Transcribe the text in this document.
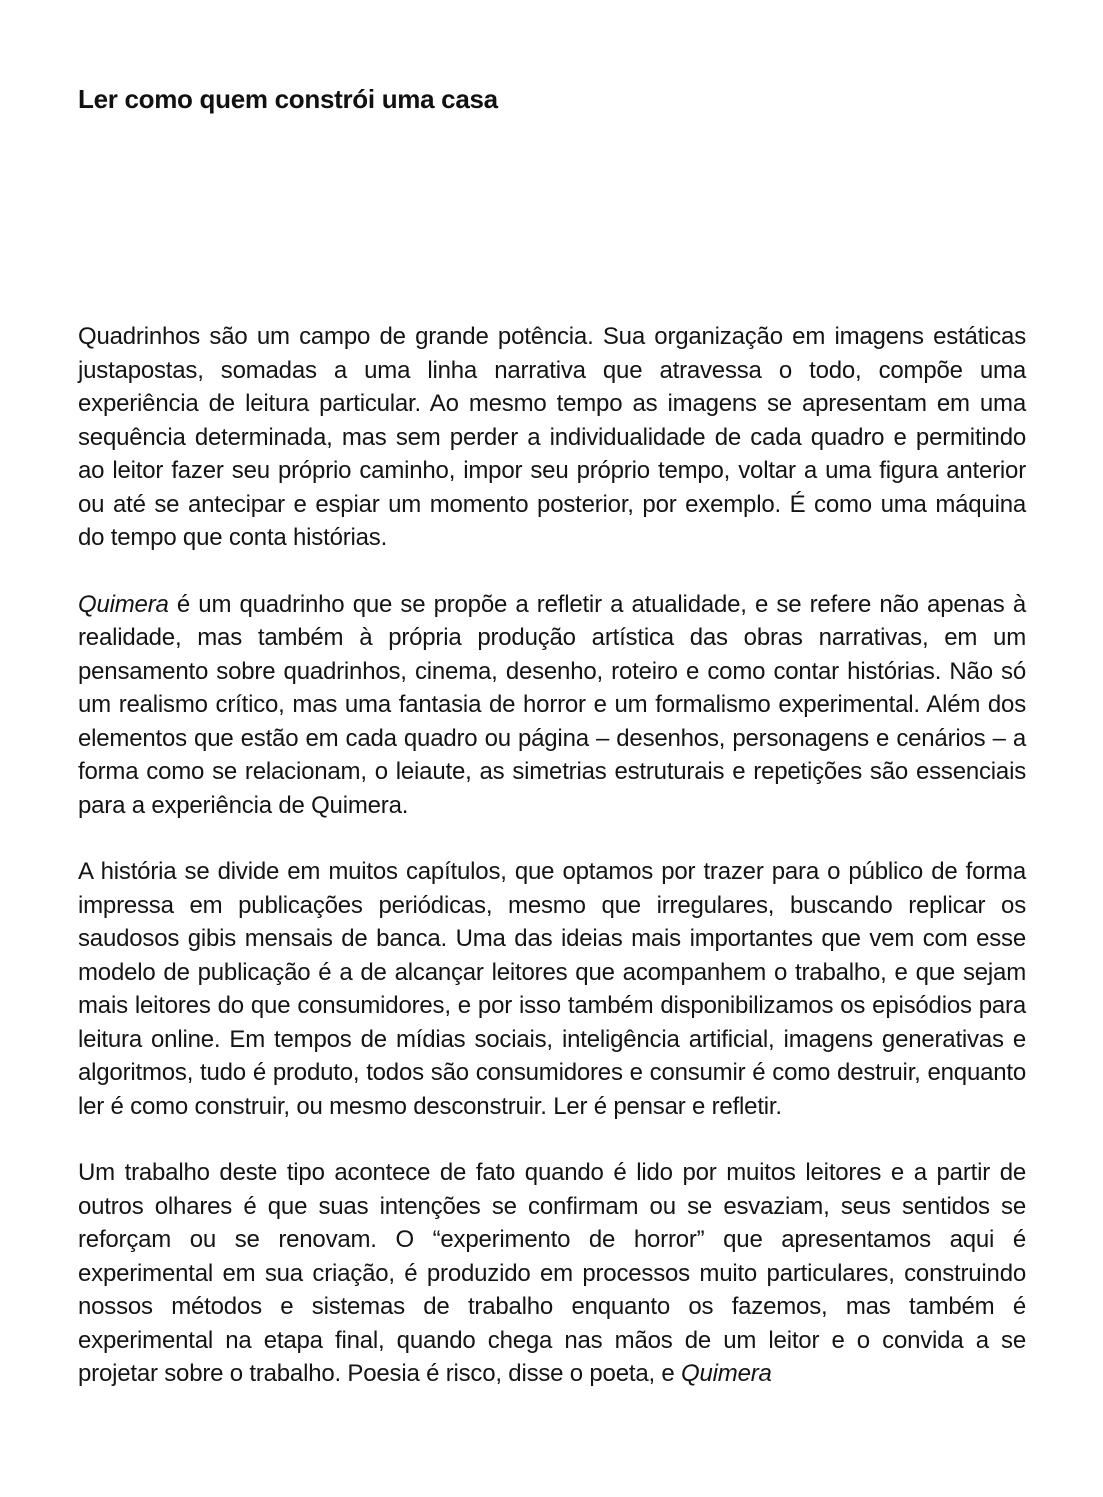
Ler como quem constrói uma casa

Quadrinhos são um campo de grande potência. Sua organização em imagens estáticas justapostas, somadas a uma linha narrativa que atravessa o todo, compõe uma experiência de leitura particular. Ao mesmo tempo as imagens se apresentam em uma sequência determinada, mas sem perder a individualidade de cada quadro e permitindo ao leitor fazer seu próprio caminho, impor seu próprio tempo, voltar a uma figura anterior ou até se antecipar e espiar um momento posterior, por exemplo. É como uma máquina do tempo que conta histórias.

Quimera é um quadrinho que se propõe a refletir a atualidade, e se refere não apenas à realidade, mas também à própria produção artística das obras narrativas, em um pensamento sobre quadrinhos, cinema, desenho, roteiro e como contar histórias. Não só um realismo crítico, mas uma fantasia de horror e um formalismo experimental. Além dos elementos que estão em cada quadro ou página – desenhos, personagens e cenários – a forma como se relacionam, o leiaute, as simetrias estruturais e repetições são essenciais para a experiência de Quimera.

A história se divide em muitos capítulos, que optamos por trazer para o público de forma impressa em publicações periódicas, mesmo que irregulares, buscando replicar os saudosos gibis mensais de banca. Uma das ideias mais importantes que vem com esse modelo de publicação é a de alcançar leitores que acompanhem o trabalho, e que sejam mais leitores do que consumidores, e por isso também disponibilizamos os episódios para leitura online. Em tempos de mídias sociais, inteligência artificial, imagens generativas e algoritmos, tudo é produto, todos são consumidores e consumir é como destruir, enquanto ler é como construir, ou mesmo desconstruir. Ler é pensar e refletir.

Um trabalho deste tipo acontece de fato quando é lido por muitos leitores e a partir de outros olhares é que suas intenções se confirmam ou se esvaziam, seus sentidos se reforçam ou se renovam. O “experimento de horror” que apresentamos aqui é experimental em sua criação, é produzido em processos muito particulares, construindo nossos métodos e sistemas de trabalho enquanto os fazemos, mas também é experimental na etapa final, quando chega nas mãos de um leitor e o convida a se projetar sobre o trabalho. Poesia é risco, disse o poeta, e Quimera
